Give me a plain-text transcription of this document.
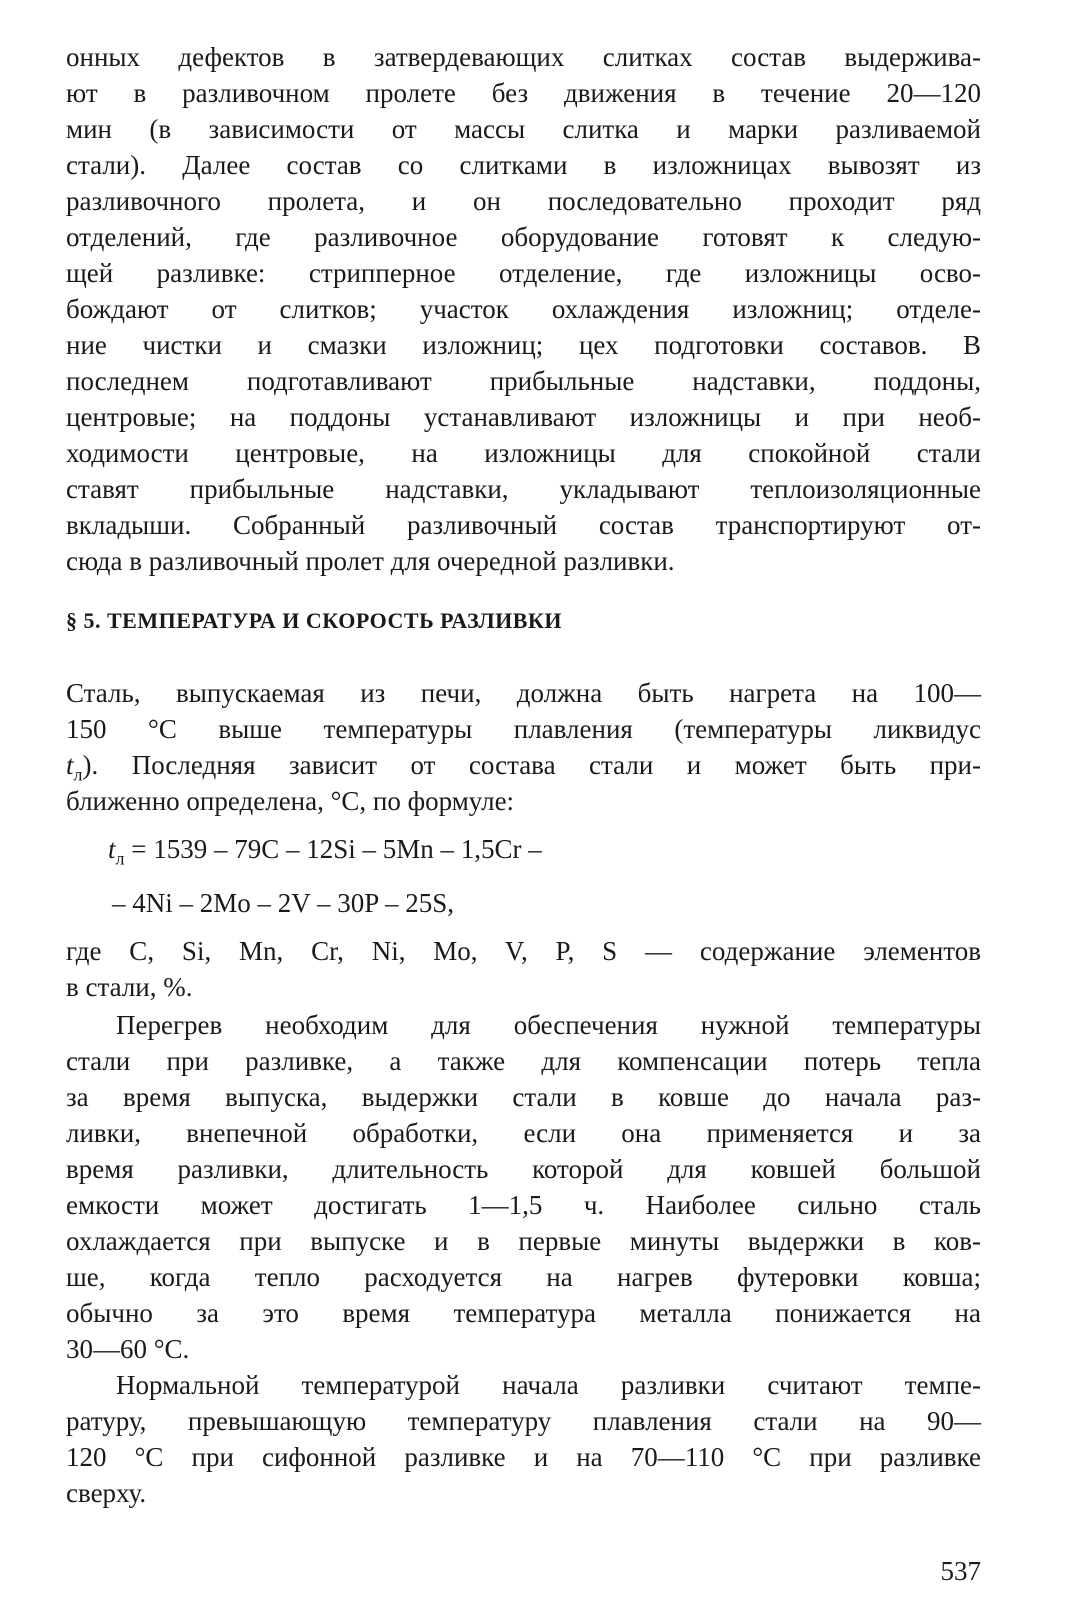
онных дефектов в затвердевающих слитках состав выдержива-
ют в разливочном пролете без движения в течение 20—120
мин (в зависимости от массы слитка и марки разливаемой
стали). Далее состав со слитками в изложницах вывозят из
разливочного пролета, и он последовательно проходит ряд
отделений, где разливочное оборудование готовят к следую-
щей разливке: стрипперное отделение, где изложницы осво-
бождают от слитков; участок охлаждения изложниц; отделе-
ние чистки и смазки изложниц; цех подготовки составов. В
последнем подготавливают прибыльные надставки, поддоны,
центровые; на поддоны устанавливают изложницы и при необ-
ходимости центровые, на изложницы для спокойной стали
ставят прибыльные надставки, укладывают теплоизоляционные
вкладыши. Собранный разливочный состав транспортируют от-
сюда в разливочный пролет для очередной разливки.
§ 5. ТЕМПЕРАТУРА И СКОРОСТЬ РАЗЛИВКИ
Сталь, выпускаемая из печи, должна быть нагрета на 100—
150 °С выше температуры плавления (температуры ликвидус
$t_л$). Последняя зависит от состава стали и может быть при-
ближенно определена, °С, по формуле:
$t_л = 1539 - 79C - 12Si - 5Mn - 1,5Cr$ –
– 4Ni – 2Mo – 2V – 30P – 25S,
где C, Si, Mn, Cr, Ni, Mo, V, P, S — содержание элементов
в стали, %.
Перегрев необходим для обеспечения нужной температуры
стали при разливке, а также для компенсации потерь тепла
за время выпуска, выдержки стали в ковше до начала раз-
ливки, внепечной обработки, если она применяется и за
время разливки, длительность которой для ковшей большой
емкости может достигать 1—1,5 ч. Наиболее сильно сталь
охлаждается при выпуске и в первые минуты выдержки в ков-
ше, когда тепло расходуется на нагрев футеровки ковша;
обычно за это время температура металла понижается на
30—60 °С.
Нормальной температурой начала разливки считают темпе-
ратуру, превышающую температуру плавления стали на 90—
120 °С при сифонной разливке и на 70—110 °С при разливке
сверху.
537
